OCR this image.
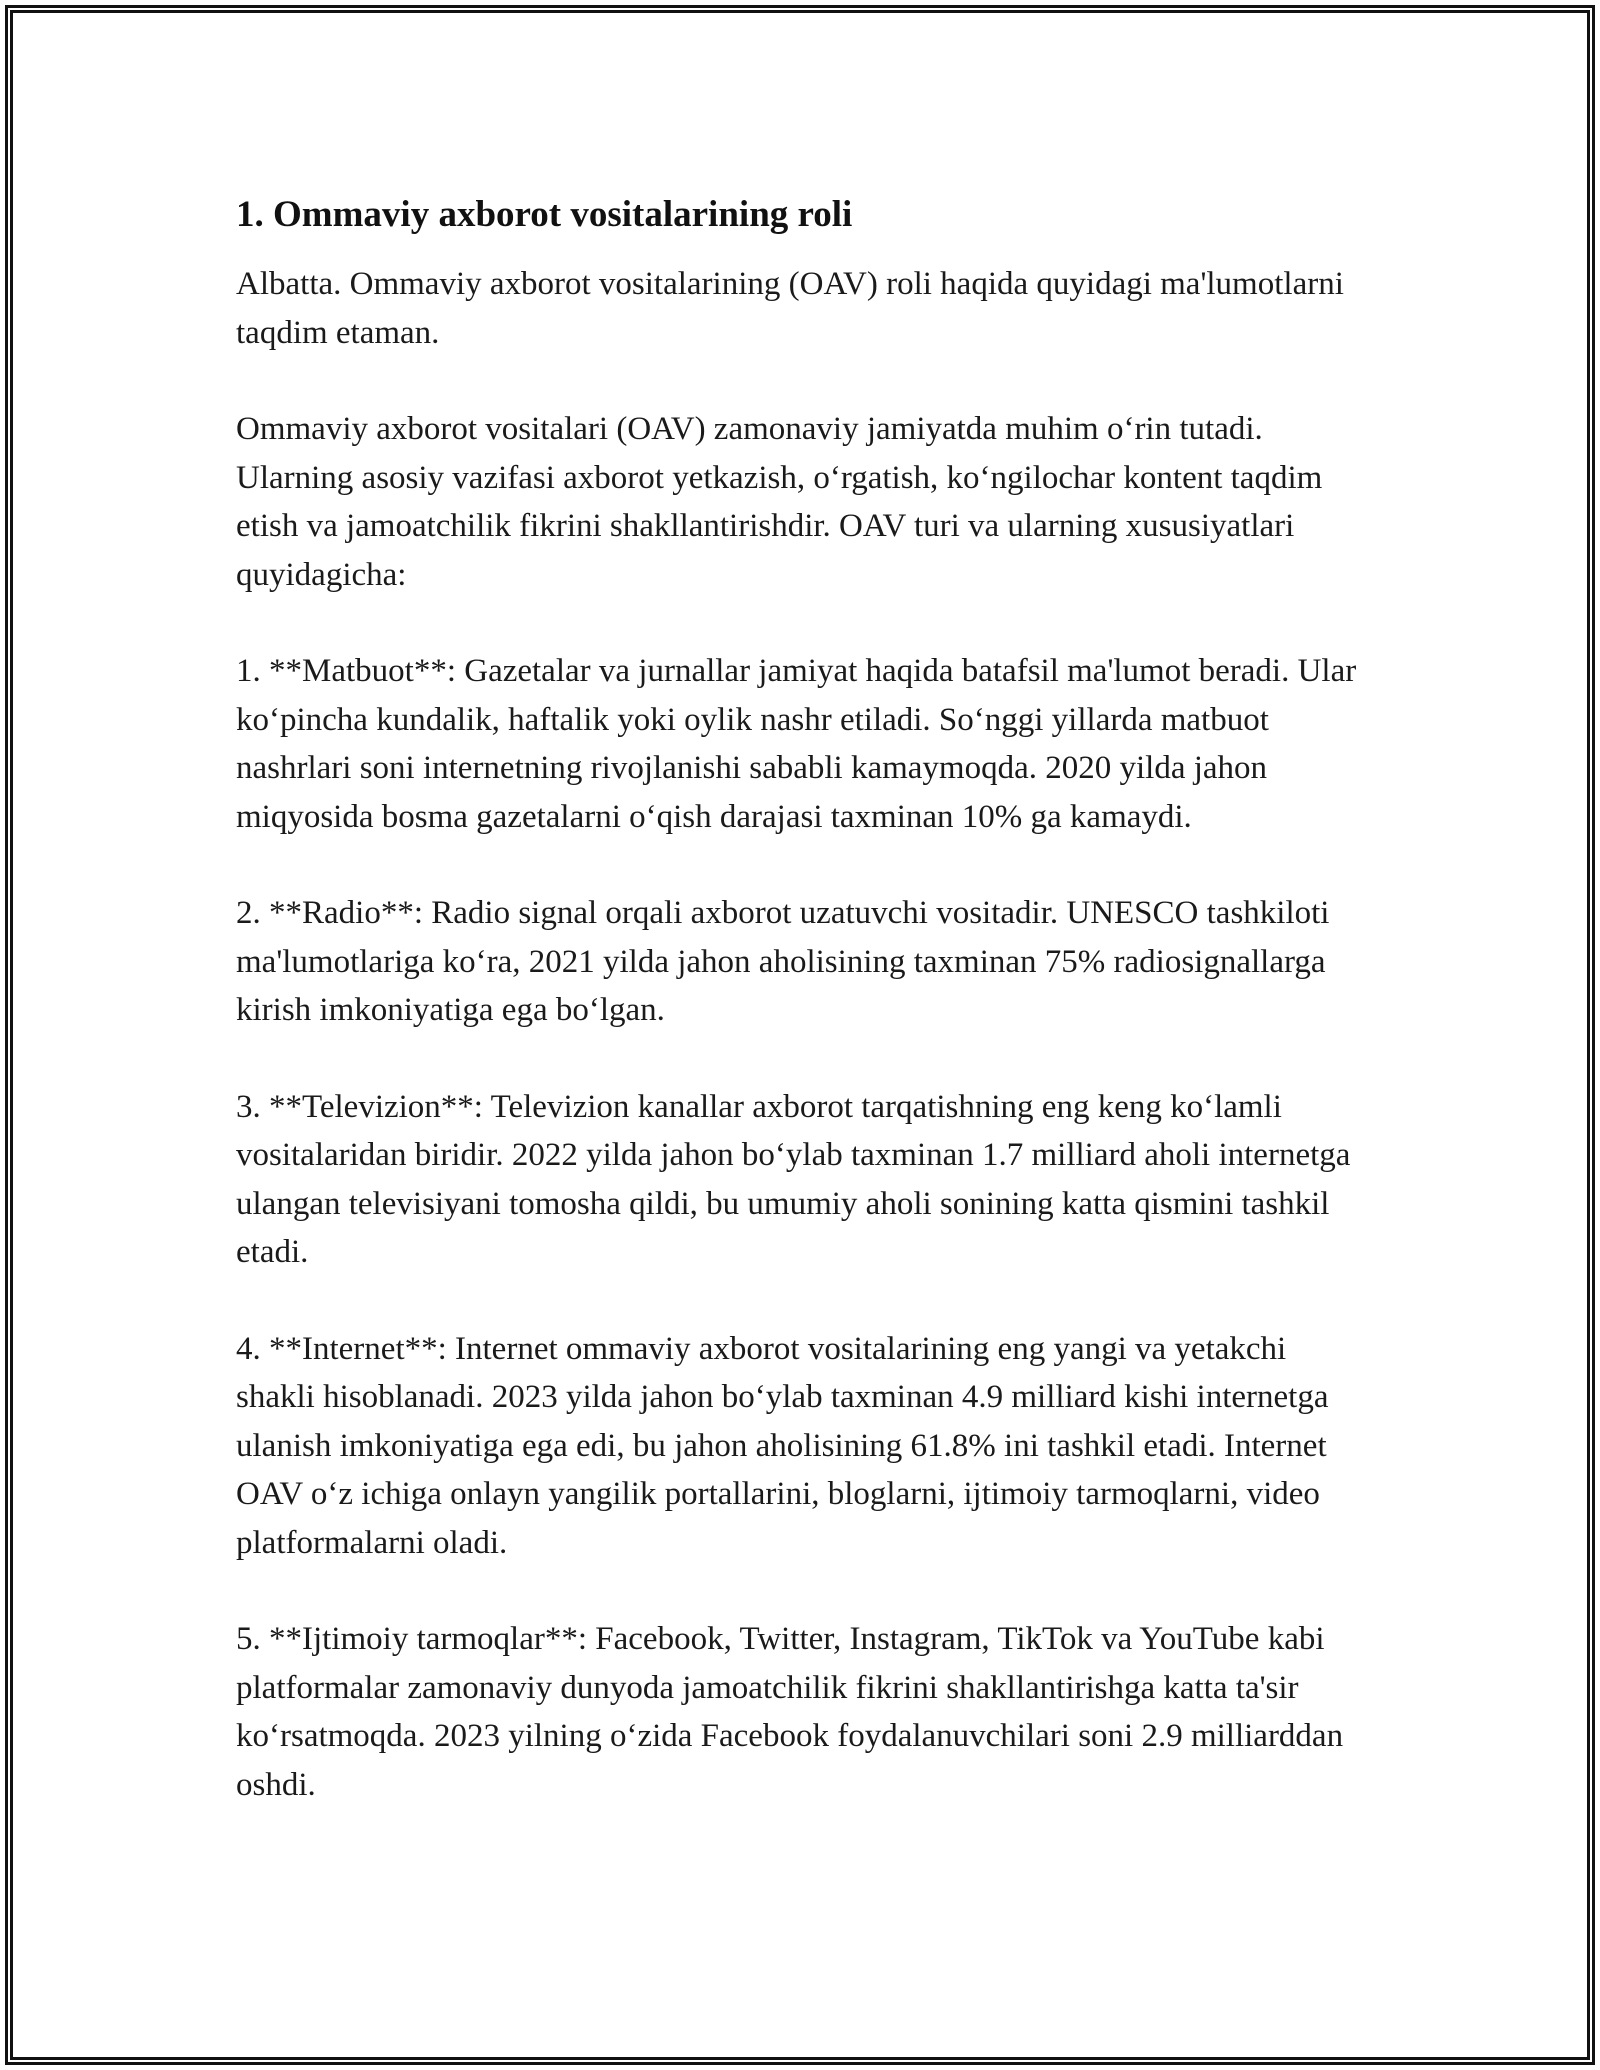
1. Ommaviy axborot vositalarining roli

Albatta. Ommaviy axborot vositalarining (OAV) roli haqida quyidagi ma'lumotlarni taqdim etaman.

Ommaviy axborot vositalari (OAV) zamonaviy jamiyatda muhim o‘rin tutadi. Ularning asosiy vazifasi axborot yetkazish, o‘rgatish, ko‘ngilochar kontent taqdim etish va jamoatchilik fikrini shakllantirishdir. OAV turi va ularning xususiyatlari quyidagicha:

1. **Matbuot**: Gazetalar va jurnallar jamiyat haqida batafsil ma'lumot beradi. Ular ko‘pincha kundalik, haftalik yoki oylik nashr etiladi. So‘nggi yillarda matbuot nashrlari soni internetning rivojlanishi sababli kamaymoqda. 2020 yilda jahon miqyosida bosma gazetalarni o‘qish darajasi taxminan 10% ga kamaydi.

2. **Radio**: Radio signal orqali axborot uzatuvchi vositadir. UNESCO tashkiloti ma'lumotlariga ko‘ra, 2021 yilda jahon aholisining taxminan 75% radiosignallarga kirish imkoniyatiga ega bo‘lgan.

3. **Televizion**: Televizion kanallar axborot tarqatishning eng keng ko‘lamli vositalaridan biridir. 2022 yilda jahon bo‘ylab taxminan 1.7 milliard aholi internetga ulangan televisiyani tomosha qildi, bu umumiy aholi sonining katta qismini tashkil etadi.

4. **Internet**: Internet ommaviy axborot vositalarining eng yangi va yetakchi shakli hisoblanadi. 2023 yilda jahon bo‘ylab taxminan 4.9 milliard kishi internetga ulanish imkoniyatiga ega edi, bu jahon aholisining 61.8% ini tashkil etadi. Internet OAV o‘z ichiga onlayn yangilik portallarini, bloglarni, ijtimoiy tarmoqlarni, video platformalarni oladi.

5. **Ijtimoiy tarmoqlar**: Facebook, Twitter, Instagram, TikTok va YouTube kabi platformalar zamonaviy dunyoda jamoatchilik fikrini shakllantirishga katta ta'sir ko‘rsatmoqda. 2023 yilning o‘zida Facebook foydalanuvchilari soni 2.9 milliarddan oshdi.
